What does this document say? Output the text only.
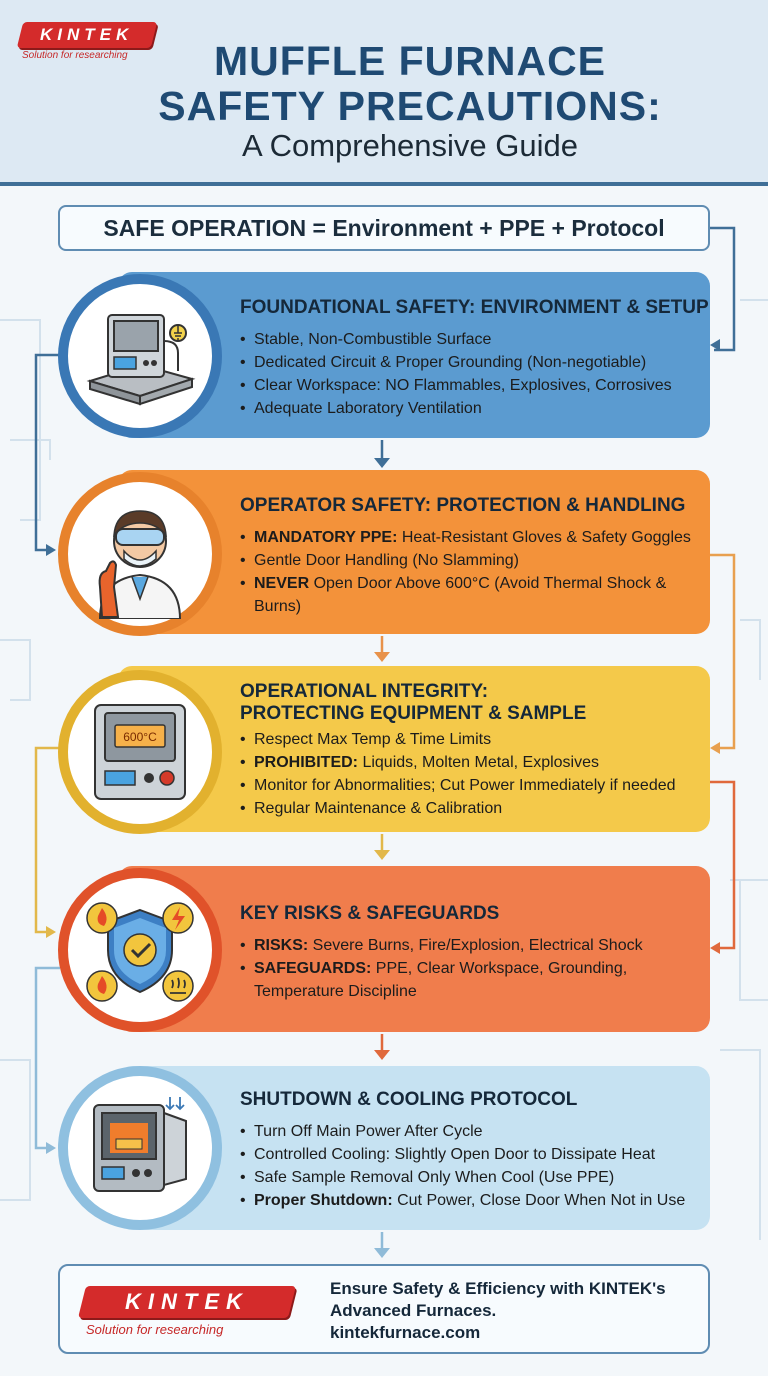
KINTEK
Solution for researching	MUFFLE FURNACE
SAFETY PRECAUTIONS:
A Comprehensive Guide
SAFE OPERATION = Environment + PPE + Protocol
FOUNDATIONAL SAFETY: ENVIRONMENT & SETUP
• Stable, Non-Combustible Surface
• Dedicated Circuit & Proper Grounding (Non-negotiable)
• Clear Workspace: NO Flammables, Explosives, Corrosives
• Adequate Laboratory Ventilation
OPERATOR SAFETY: PROTECTION & HANDLING
• MANDATORY PPE: Heat-Resistant Gloves & Safety Goggles
• Gentle Door Handling (No Slamming)
• NEVER Open Door Above 600°C (Avoid Thermal Shock & Burns)
OPERATIONAL INTEGRITY:
PROTECTING EQUIPMENT & SAMPLE
• Respect Max Temp & Time Limits
• PROHIBITED: Liquids, Molten Metal, Explosives
• Monitor for Abnormalities; Cut Power Immediately if needed
• Regular Maintenance & Calibration
600°C
KEY RISKS & SAFEGUARDS
• RISKS: Severe Burns, Fire/Explosion, Electrical Shock
• SAFEGUARDS: PPE, Clear Workspace, Grounding, Temperature Discipline
SHUTDOWN & COOLING PROTOCOL
• Turn Off Main Power After Cycle
• Controlled Cooling: Slightly Open Door to Dissipate Heat
• Safe Sample Removal Only When Cool (Use PPE)
• Proper Shutdown: Cut Power, Close Door When Not in Use
KINTEK
Solution for researching
Ensure Safety & Efficiency with KINTEK's
Advanced Furnaces.
kintekfurnace.com
